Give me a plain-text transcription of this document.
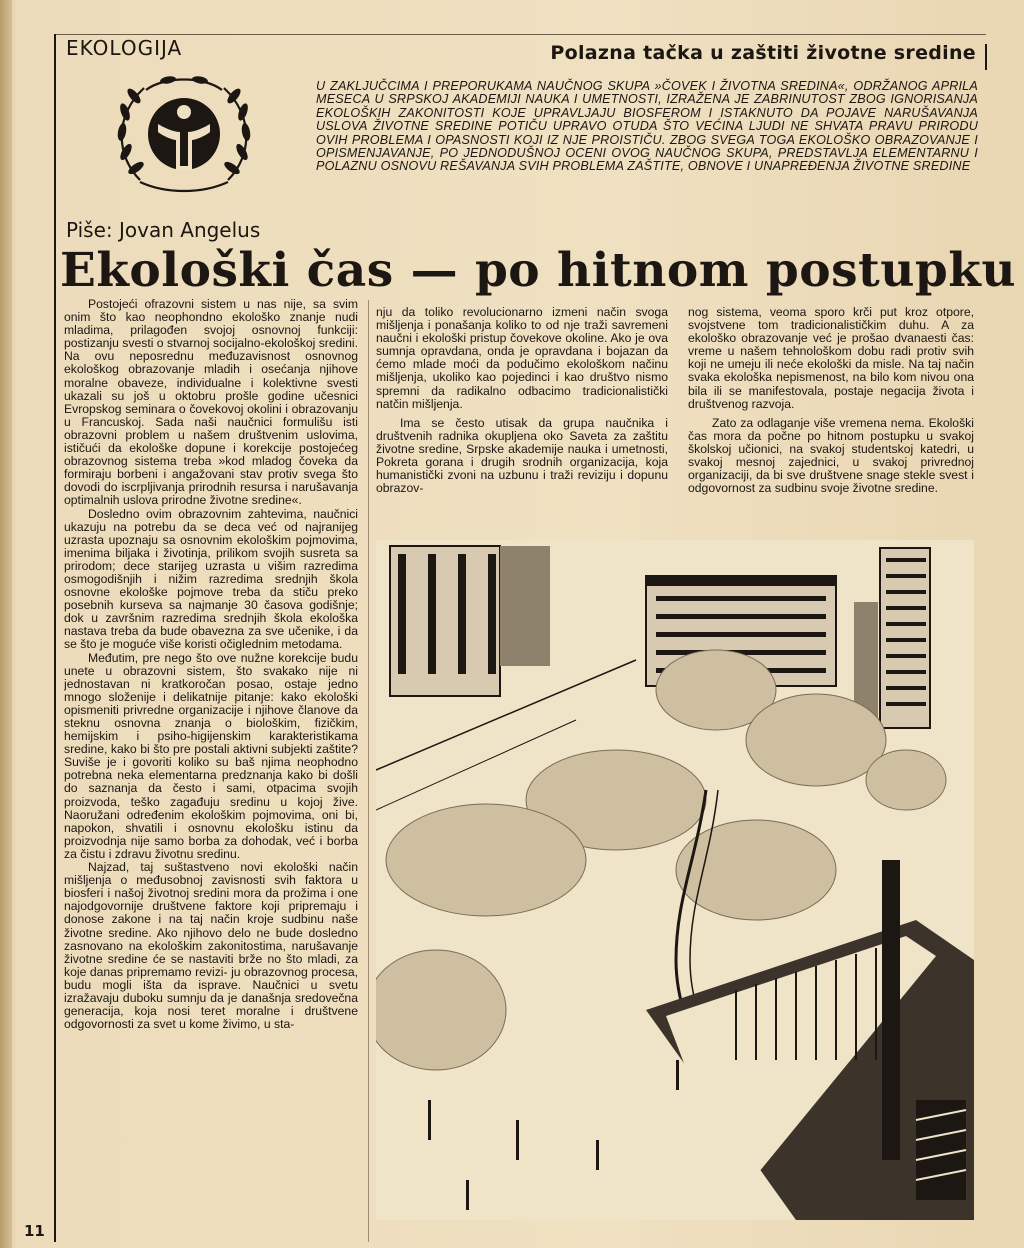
EKOLOGIJA	Polazna tačka u zaštiti životne sredine
U ZAKLJUČCIMA I PREPORUKAMA NAUČNOG SKUPA »ČOVEK I ŽIVOTNA SREDINA«, ODRŽANOG APRILA MESECA U SRPSKOJ AKADEMIJI NAUKA I UMETNOSTI, IZRAŽENA JE ZABRINUTOST ZBOG IGNORISANJA EKOLOŠKIH ZAKONITOSTI KOJE UPRAVLJAJU BIOSFEROM I ISTAKNUTO DA POJAVE NARUŠAVANJA USLOVA ŽIVOTNE SREDINE POTIČU UPRAVO OTUDA ŠTO VEĆINA LJUDI NE SHVATA PRAVU PRIRODU OVIH PROBLEMA I OPASNOSTI KOJI IZ NJE PROISTIČU. ZBOG SVEGA TOGA EKOLOŠKO OBRAZOVANJE I OPISMENJAVANJE, PO JEDNODUŠNOJ OCENI OVOG NAUČNOG SKUPA, PREDSTAVLJA ELEMENTARNU I POLAZNU OSNOVU REŠAVANJA SVIH PROBLEMA ZAŠTITE, OBNOVE I UNAPREĐENJA ŽIVOTNE SREDINE
Piše: Jovan Angelus
Ekološki čas — po hitnom postupku

Postojeći ofrazovni sistem u nas nije, sa svim onim što kao neophondno ekološko znanje nudi mladima, prilagođen svojoj osnovnoj funkciji: postizanju svesti o stvarnoj socijalno-ekološkoj sredini. Na ovu neposrednu međuzavisnost osnovnog ekološkog obrazovanje mladih i osećanja njihove moralne obaveze, individualne i kolektivne svesti ukazali su još u oktobru prošle godine učesnici Evropskog seminara o čovekovoj okolini i obrazovanju u Francuskoj. Sada naši naučnici formulišu isti obrazovni problem u našem društvenim uslovima, ističući da ekološke dopune i korekcije postojećeg obrazovnog sistema treba »kod mladog čoveka da formiraju borbeni i angažovani stav protiv svega što dovodi do iscrpljivanja prirodnih resursa i narušavanja optimalnih uslova prirodne životne sredine«.

Dosledno ovim obrazovnim zahtevima, naučnici ukazuju na potrebu da se deca već od najranijeg uzrasta upoznaju sa osnovnim ekološkim pojmovima, imenima biljaka i životinja, prilikom svojih susreta sa prirodom; dece starijeg uzrasta u višim razredima osmogodišnjih i nižim razredima srednjih škola osnovne ekološke pojmove treba da stiču preko posebnih kurseva sa najmanje 30 časova godišnje; dok u završnim razredima srednjih škola ekološka nastava treba da bude obavezna za sve učenike, i da se što je moguće više koristi očiglednim metodama.

Međutim, pre nego što ove nužne korekcije budu unete u obrazovni sistem, što svakako nije ni jednostavan ni kratkoročan posao, ostaje jedno mnogo složenije i delikatnije pitanje: kako ekološki opismeniti privredne organizacije i njihove članove da steknu osnovna znanja o biološkim, fizičkim, hemijskim i psiho-higijenskim karakteristikama sredine, kako bi što pre postali aktivni subjekti zaštite? Suviše je i govoriti koliko su baš njima neophodno potrebna neka elementarna predznanja kako bi došli do saznanja da često i sami, otpacima svojih proizvoda, teško zagađuju sredinu u kojoj žive. Naoružani određenim ekološkim pojmovima, oni bi, napokon, shvatili i osnovnu ekološku istinu da proizvodnja nije samo borba za dohodak, već i borba za čistu i zdravu životnu sredinu.

Najzad, taj suštastveno novi ekološki način mišljenja o međusobnoj zavisnosti svih faktora u biosferi i našoj životnoj sredini mora da prožima i one najodgovornije društvene faktore koji pripremaju i donose zakone i na taj način kroje sudbinu naše životne sredine. Ako njihovo delo ne bude dosledno zasnovano na ekološkim zakonitostima, narušavanje životne sredine će se nastaviti brže no što mladi, za koje danas pripremamo revizi- ju obrazovnog procesa, budu mogli išta da isprave. Naučnici u svetu izražavaju duboku sumnju da je današnja sredovečna generacija, koja nosi teret moralne i društvene odgovornosti za svet u kome živimo, u sta-

nju da toliko revolucionarno izmeni način svoga mišljenja i ponašanja koliko to od nje traži savremeni naučni i ekološki pristup čovekove okoline. Ako je ova sumnja opravdana, onda je opravdana i bojazan da ćemo mlade moći da podučimo ekološkom načinu mišljenja, ukoliko kao pojedinci i kao društvo nismo spremni da radikalno odbacimo tradicionalistički natčin mišljenja.

Ima se često utisak da grupa naučnika i društvenih radnika okupljena oko Saveta za zaštitu životne sredine, Srpske akademije nauka i umetnosti, Pokreta gorana i drugih srodnih organizacija, koja humanistički zvoni na uzbunu i traži reviziju i dopunu obrazov-

nog sistema, veoma sporo krči put kroz otpore, svojstvene tom tradicionalističkim duhu. A za ekološko obrazovanje već je prošao dvanaesti čas: vreme u našem tehnološkom dobu radi protiv svih koji ne umeju ili neće ekološki da misle. Na taj način svaka ekološka nepismenost, na bilo kom nivou ona bila ili se manifestovala, postaje negacija života i društvenog razvoja.

Zato za odlaganje više vremena nema. Ekološki čas mora da počne po hitnom postupku u svakoj školskoj učionici, na svakoj studentskoj katedri, u svakoj mesnoj zajednici, u svakoj privrednoj organizaciji, da bi sve društvene snage stekle svest i odgovornost za sudbinu svoje životne sredine.

11
